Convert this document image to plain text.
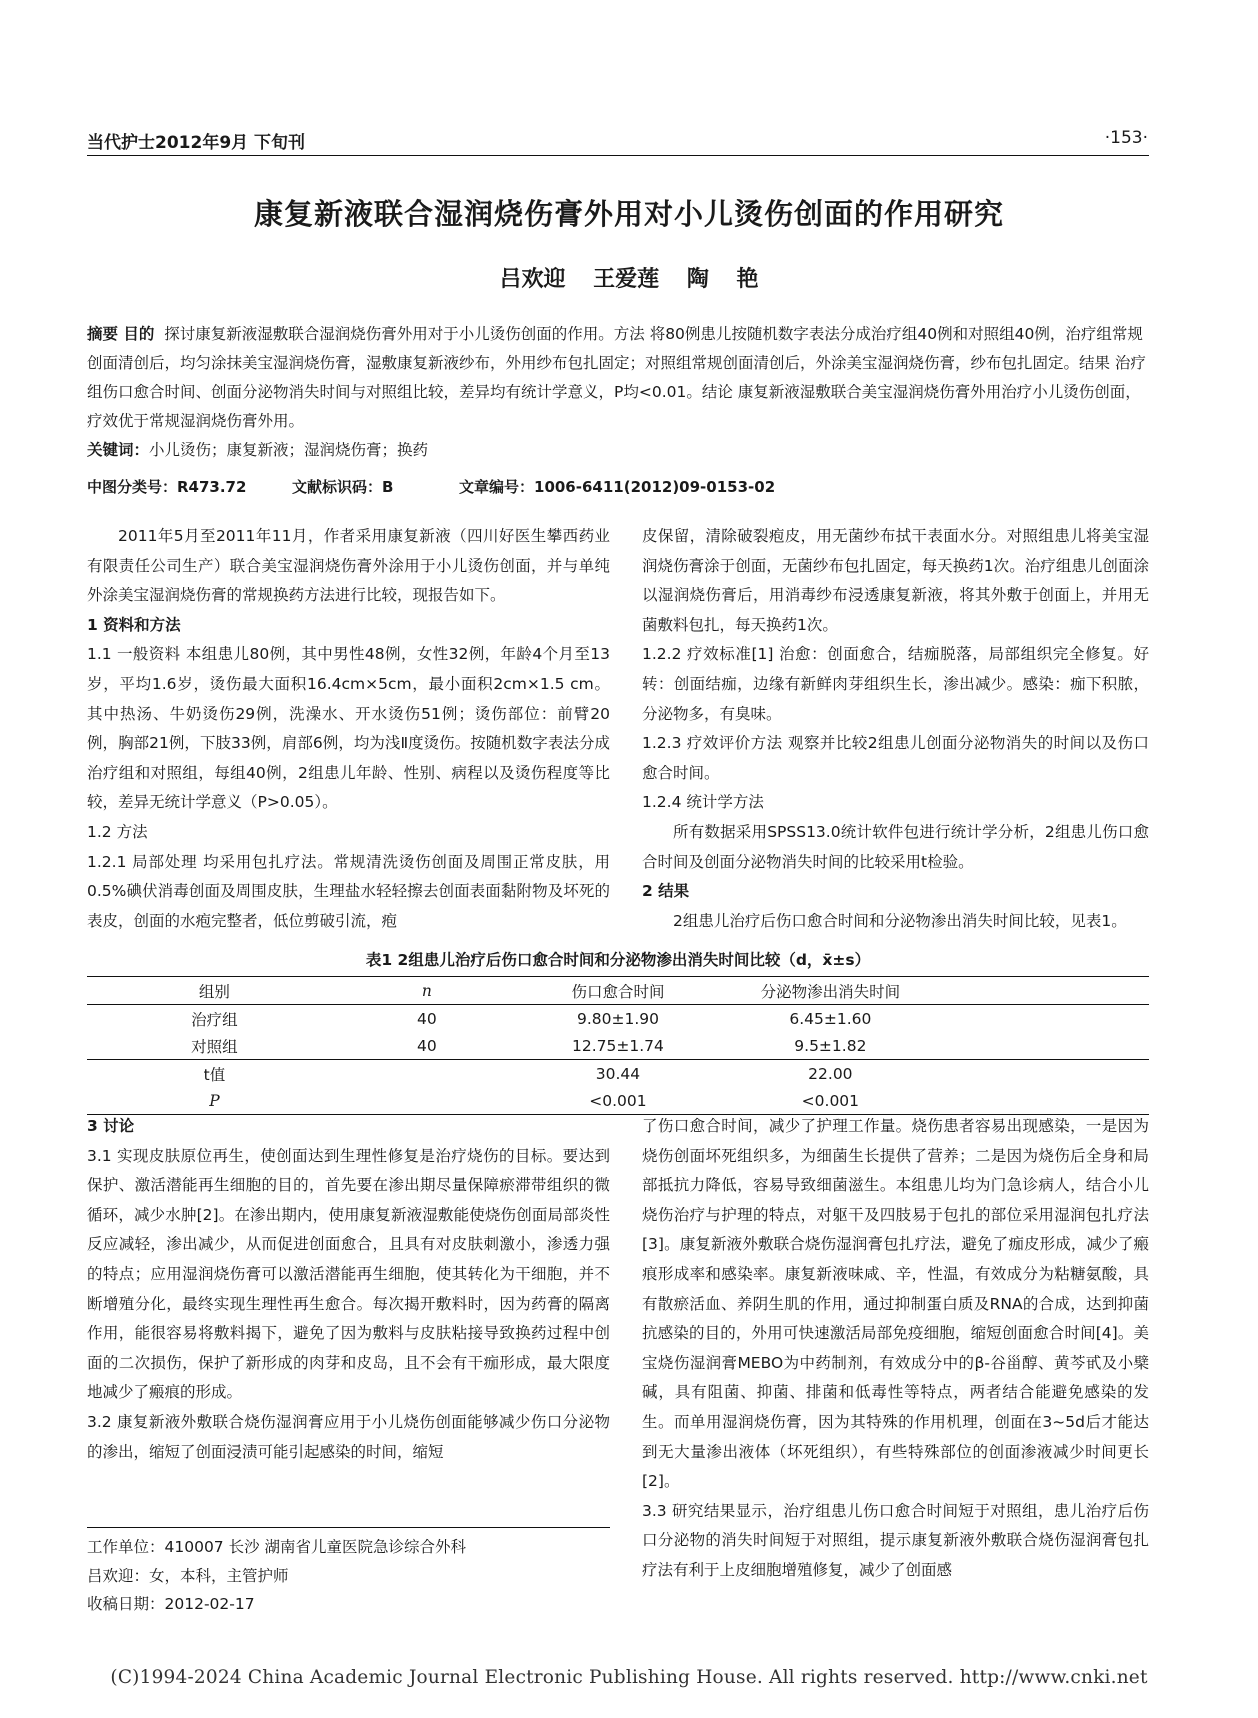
当代护士2012年9月 下旬刊	·153·
康复新液联合湿润烧伤膏外用对小儿烫伤创面的作用研究
吕欢迎 王爱莲 陶 艳

摘要 目的 探讨康复新液湿敷联合湿润烧伤膏外用对于小儿烫伤创面的作用。方法 将80例患儿按随机数字表法分成治疗组40例和对照组40例，治疗组常规创面清创后，均匀涂抹美宝湿润烧伤膏，湿敷康复新液纱布，外用纱布包扎固定；对照组常规创面清创后，外涂美宝湿润烧伤膏，纱布包扎固定。结果 治疗组伤口愈合时间、创面分泌物消失时间与对照组比较，差异均有统计学意义，P均<0.01。结论 康复新液湿敷联合美宝湿润烧伤膏外用治疗小儿烫伤创面，疗效优于常规湿润烧伤膏外用。

关键词：小儿烫伤；康复新液；湿润烧伤膏；换药

中图分类号：R473.72	文献标识码：B	文章编号：1006-6411(2012)09-0153-02

2011年5月至2011年11月，作者采用康复新液（四川好医生攀西药业有限责任公司生产）联合美宝湿润烧伤膏外涂用于小儿烫伤创面，并与单纯外涂美宝湿润烧伤膏的常规换药方法进行比较，现报告如下。

1 资料和方法

1.1 一般资料 本组患儿80例，其中男性48例，女性32例，年龄4个月至13岁，平均1.6岁，烫伤最大面积16.4cm×5cm，最小面积2cm×1.5 cm。其中热汤、牛奶烫伤29例，洗澡水、开水烫伤51例；烫伤部位：前臂20例，胸部21例，下肢33例，肩部6例，均为浅Ⅱ度烫伤。按随机数字表法分成治疗组和对照组，每组40例，2组患儿年龄、性别、病程以及烫伤程度等比较，差异无统计学意义（P>0.05）。

1.2 方法

1.2.1 局部处理 均采用包扎疗法。常规清洗烫伤创面及周围正常皮肤，用0.5%碘伏消毒创面及周围皮肤，生理盐水轻轻擦去创面表面黏附物及坏死的表皮，创面的水疱完整者，低位剪破引流，疱

皮保留，清除破裂疱皮，用无菌纱布拭干表面水分。对照组患儿将美宝湿润烧伤膏涂于创面，无菌纱布包扎固定，每天换药1次。治疗组患儿创面涂以湿润烧伤膏后，用消毒纱布浸透康复新液，将其外敷于创面上，并用无菌敷料包扎，每天换药1次。

1.2.2 疗效标准[1] 治愈：创面愈合，结痂脱落，局部组织完全修复。好转：创面结痂，边缘有新鲜肉芽组织生长，渗出减少。感染：痂下积脓，分泌物多，有臭味。

1.2.3 疗效评价方法 观察并比较2组患儿创面分泌物消失的时间以及伤口愈合时间。

1.2.4 统计学方法

所有数据采用SPSS13.0统计软件包进行统计学分析，2组患儿伤口愈合时间及创面分泌物消失时间的比较采用t检验。

2 结果

2组患儿治疗后伤口愈合时间和分泌物渗出消失时间比较，见表1。

表1 2组患儿治疗后伤口愈合时间和分泌物渗出消失时间比较（d，x̄±s）
组别	n	伤口愈合时间	分泌物渗出消失时间	
治疗组	40	9.80±1.90	6.45±1.60	
对照组	40	12.75±1.74	9.5±1.82	
t值		30.44	22.00	
P		<0.001	<0.001	

3 讨论

3.1 实现皮肤原位再生，使创面达到生理性修复是治疗烧伤的目标。要达到保护、激活潜能再生细胞的目的，首先要在渗出期尽量保障瘀滞带组织的微循环，减少水肿[2]。在渗出期内，使用康复新液湿敷能使烧伤创面局部炎性反应减轻，渗出减少，从而促进创面愈合，且具有对皮肤刺激小，渗透力强的特点；应用湿润烧伤膏可以激活潜能再生细胞，使其转化为干细胞，并不断增殖分化，最终实现生理性再生愈合。每次揭开敷料时，因为药膏的隔离作用，能很容易将敷料揭下，避免了因为敷料与皮肤粘接导致换药过程中创面的二次损伤，保护了新形成的肉芽和皮岛，且不会有干痂形成，最大限度地减少了瘢痕的形成。

3.2 康复新液外敷联合烧伤湿润膏应用于小儿烧伤创面能够减少伤口分泌物的渗出，缩短了创面浸渍可能引起感染的时间，缩短

了伤口愈合时间，减少了护理工作量。烧伤患者容易出现感染，一是因为烧伤创面坏死组织多，为细菌生长提供了营养；二是因为烧伤后全身和局部抵抗力降低，容易导致细菌滋生。本组患儿均为门急诊病人，结合小儿烧伤治疗与护理的特点，对躯干及四肢易于包扎的部位采用湿润包扎疗法[3]。康复新液外敷联合烧伤湿润膏包扎疗法，避免了痂皮形成，减少了瘢痕形成率和感染率。康复新液味咸、辛，性温，有效成分为粘糖氨酸，具有散瘀活血、养阴生肌的作用，通过抑制蛋白质及RNA的合成，达到抑菌抗感染的目的，外用可快速激活局部免疫细胞，缩短创面愈合时间[4]。美宝烧伤湿润膏MEBO为中药制剂，有效成分中的β-谷甾醇、黄芩甙及小檗碱，具有阻菌、抑菌、排菌和低毒性等特点，两者结合能避免感染的发生。而单用湿润烧伤膏，因为其特殊的作用机理，创面在3~5d后才能达到无大量渗出液体（坏死组织），有些特殊部位的创面渗液减少时间更长[2]。

3.3 研究结果显示，治疗组患儿伤口愈合时间短于对照组，患儿治疗后伤口分泌物的消失时间短于对照组，提示康复新液外敷联合烧伤湿润膏包扎疗法有利于上皮细胞增殖修复，减少了创面感

工作单位：410007 长沙 湖南省儿童医院急诊综合外科

吕欢迎：女，本科，主管护师

收稿日期：2012-02-17

(C)1994-2024 China Academic Journal Electronic Publishing House. All rights reserved. http://www.cnki.net
